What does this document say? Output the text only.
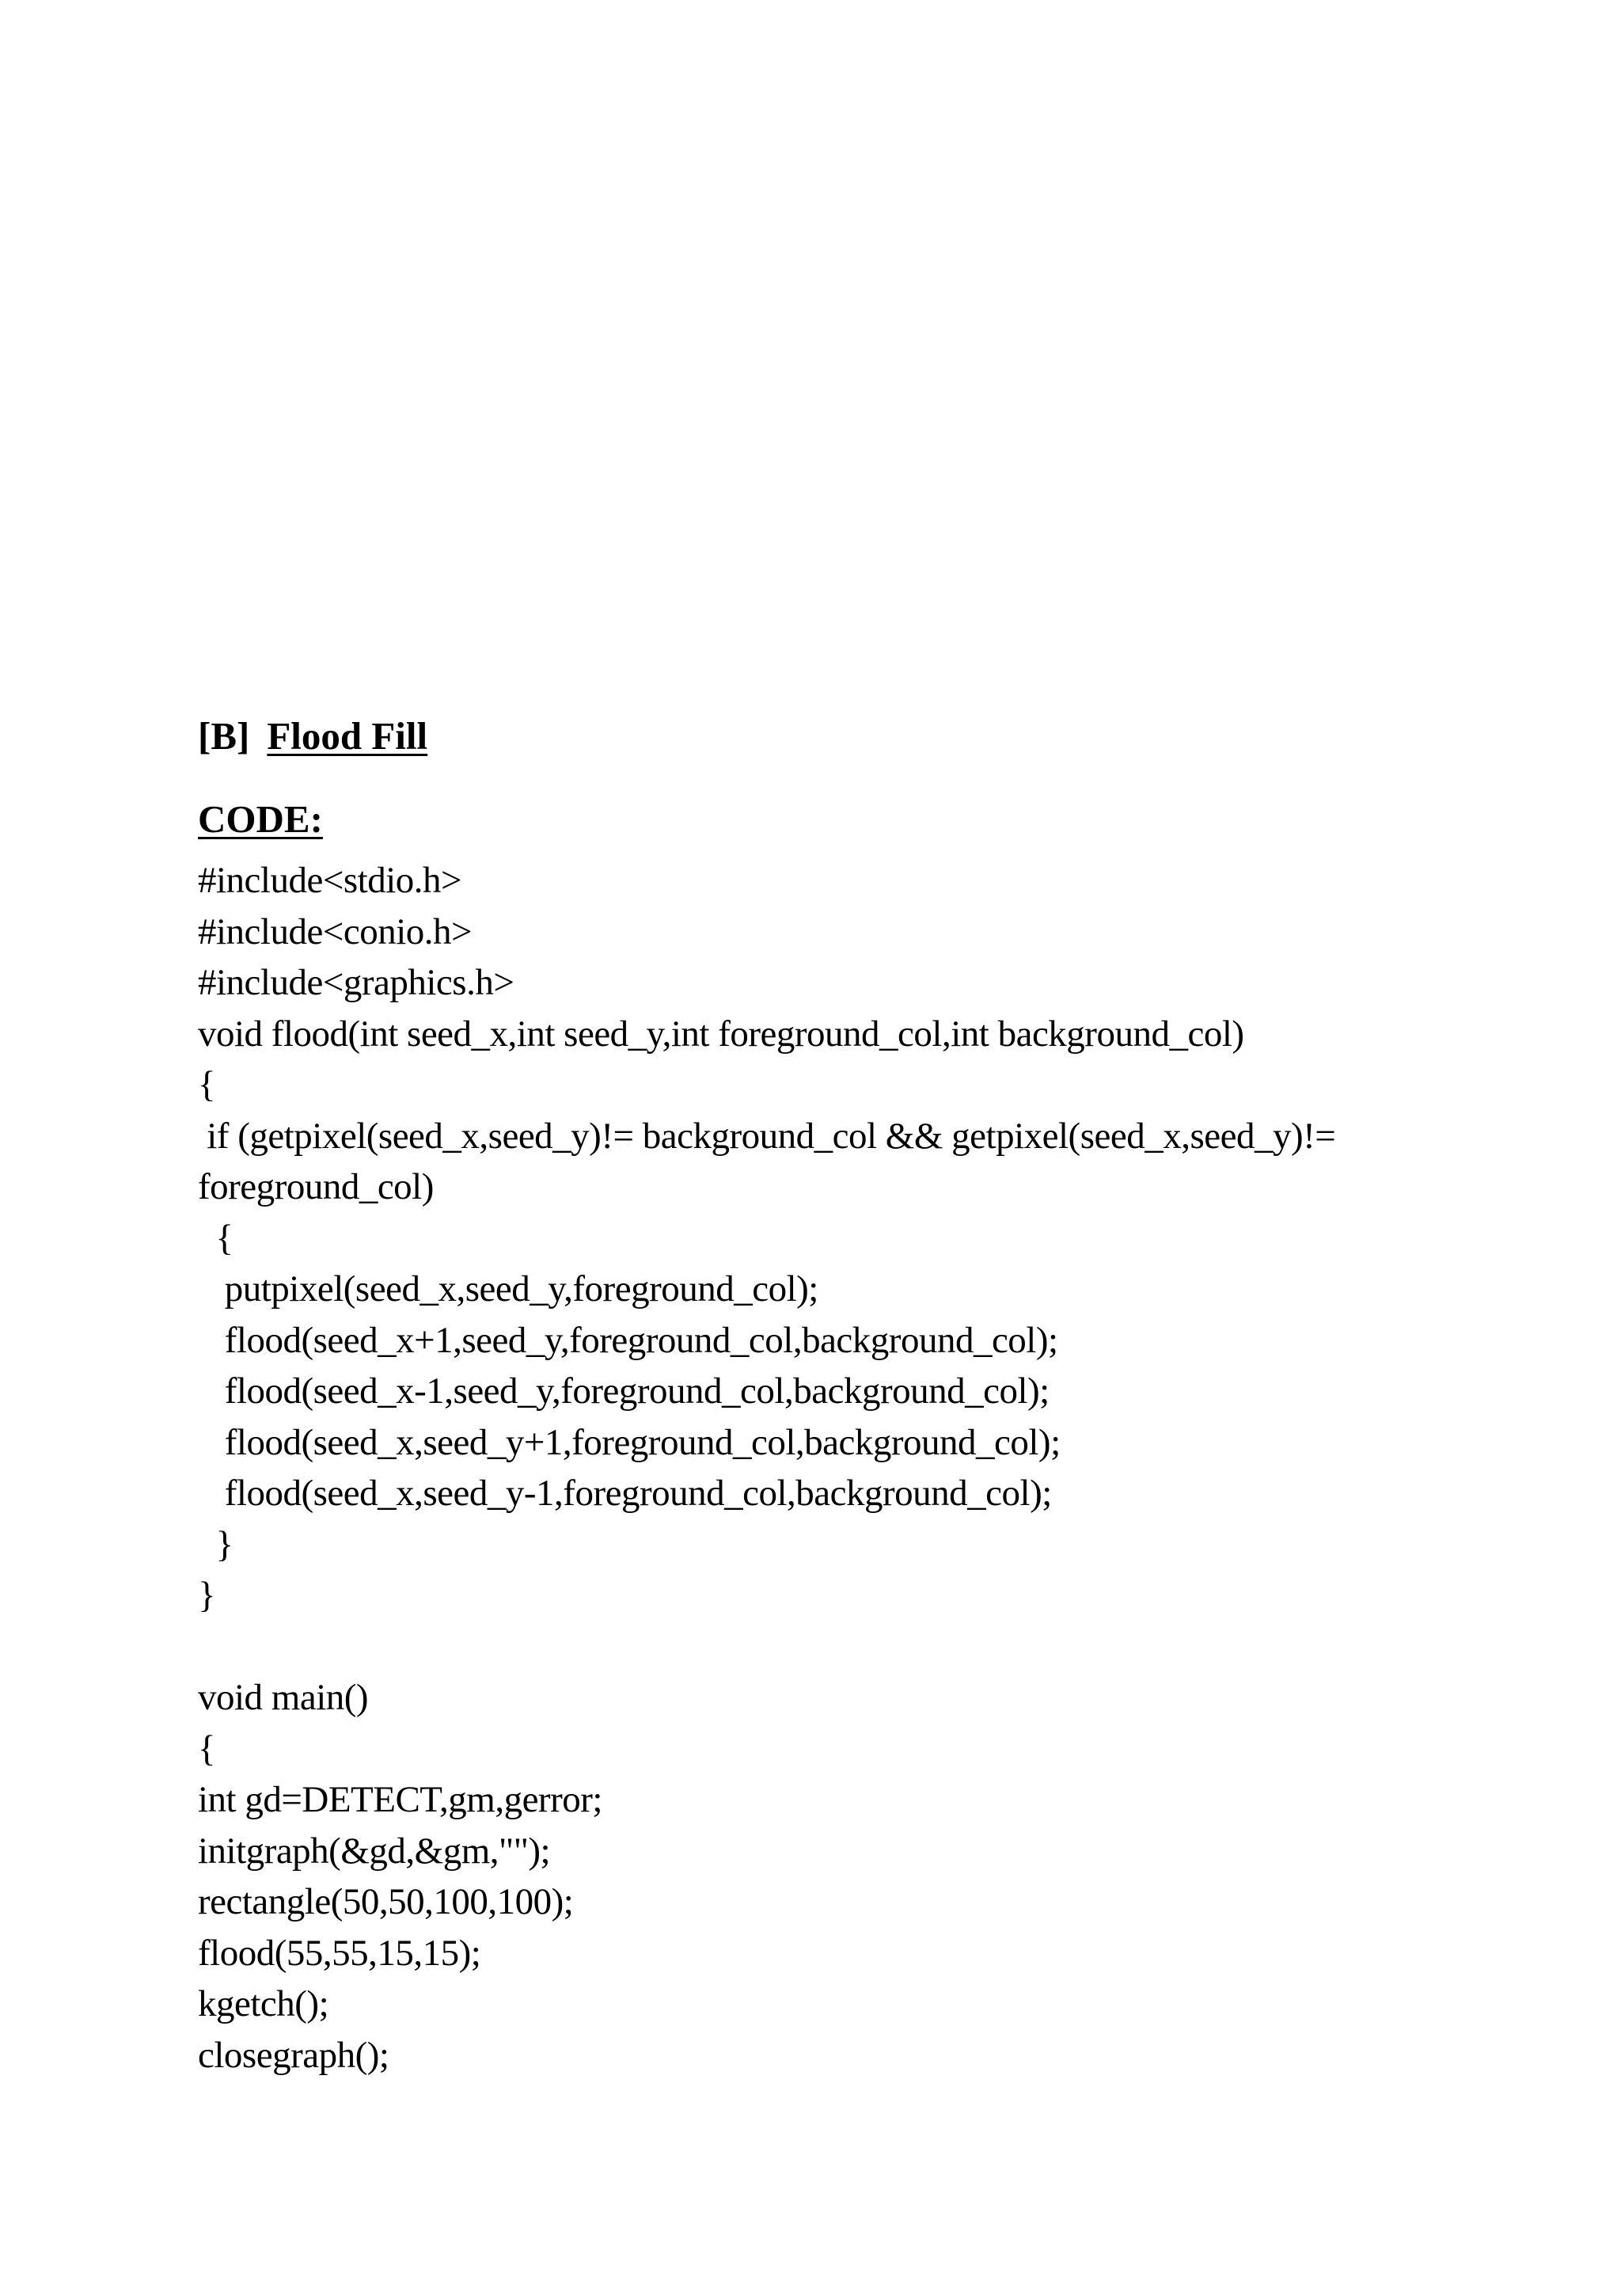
[B] Flood Fill
CODE:
#include<stdio.h>
#include<conio.h>
#include<graphics.h>
void flood(int seed_x,int seed_y,int foreground_col,int background_col)
{
if (getpixel(seed_x,seed_y)!= background_col && getpixel(seed_x,seed_y)!=
foreground_col)
{
putpixel(seed_x,seed_y,foreground_col);
flood(seed_x+1,seed_y,foreground_col,background_col);
flood(seed_x-1,seed_y,foreground_col,background_col);
flood(seed_x,seed_y+1,foreground_col,background_col);
flood(seed_x,seed_y-1,foreground_col,background_col);
}
}
void main()
{
int gd=DETECT,gm,gerror;
initgraph(&gd,&gm,"");
rectangle(50,50,100,100);
flood(55,55,15,15);
kgetch();
closegraph();
